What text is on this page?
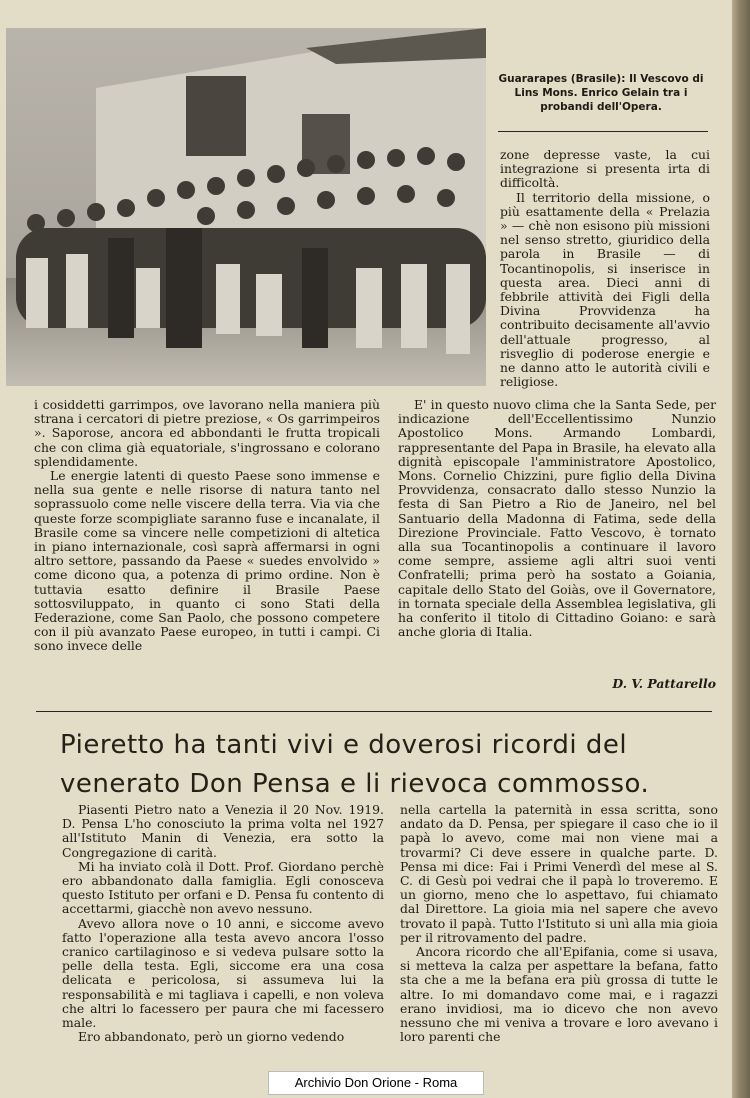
Guararapes (Brasile): Il Vescovo di Lins Mons. Enrico Gelain tra i probandi dell'Opera.

zone depresse vaste, la cui integrazione si presenta irta di difficoltà.

Il territorio della missione, o più esattamente della « Prelazia » — chè non esisono più missioni nel senso stretto, giuridico della parola in Brasile — di Tocantinopolis, si inserisce in questa area. Dieci anni di febbrile attività dei Figli della Divina Provvidenza ha contribuito decisamente all'avvio dell'attuale progresso, al risveglio di poderose energie e ne danno atto le autorità civili e religiose.

i cosiddetti garrimpos, ove lavorano nella maniera più strana i cercatori di pietre preziose, « Os garrimpeiros ». Saporose, ancora ed abbondanti le frutta tropicali che con clima già equatoriale, s'ingrossano e colorano splendidamente.

Le energie latenti di questo Paese sono immense e nella sua gente e nelle risorse di natura tanto nel soprassuolo come nelle viscere della terra. Via via che queste forze scompigliate saranno fuse e incanalate, il Brasile come sa vincere nelle competizioni di altetica in piano internazionale, così saprà affermarsi in ogni altro settore, passando da Paese « suedes envolvido » come dicono qua, a potenza di primo ordine. Non è tuttavia esatto definire il Brasile Paese sottosviluppato, in quanto ci sono Stati della Federazione, come San Paolo, che possono competere con il più avanzato Paese europeo, in tutti i campi. Ci sono invece delle

E' in questo nuovo clima che la Santa Sede, per indicazione dell'Eccellentissimo Nunzio Apostolico Mons. Armando Lombardi, rappresentante del Papa in Brasile, ha elevato alla dignità episcopale l'amministratore Apostolico, Mons. Cornelio Chizzini, pure figlio della Divina Provvidenza, consacrato dallo stesso Nunzio la festa di San Pietro a Rio de Janeiro, nel bel Santuario della Madonna di Fatima, sede della Direzione Provinciale. Fatto Vescovo, è tornato alla sua Tocantinopolis a continuare il lavoro come sempre, assieme agli altri suoi venti Confratelli; prima però ha sostato a Goiania, capitale dello Stato del Goiàs, ove il Governatore, in tornata speciale della Assemblea legislativa, gli ha conferito il titolo di Cittadino Goiano: e sarà anche gloria di Italia.

D. V. Pattarello
Pieretto ha tanti vivi e doverosi ricordi del venerato Don Pensa e li rievoca commosso.

Piasenti Pietro nato a Venezia il 20 Nov. 1919. D. Pensa L'ho conosciuto la prima volta nel 1927 all'Istituto Manin di Venezia, era sotto la Congregazione di carità.

Mi ha inviato colà il Dott. Prof. Giordano perchè ero abbandonato dalla famiglia. Egli conosceva questo Istituto per orfani e D. Pensa fu contento di accettarmi, giacchè non avevo nessuno.

Avevo allora nove o 10 anni, e siccome avevo fatto l'operazione alla testa avevo ancora l'osso cranico cartilaginoso e si vedeva pulsare sotto la pelle della testa. Egli, siccome era una cosa delicata e pericolosa, si assumeva lui la responsabilità e mi tagliava i capelli, e non voleva che altri lo facessero per paura che mi facessero male.

Ero abbandonato, però un giorno vedendo

nella cartella la paternità in essa scritta, sono andato da D. Pensa, per spiegare il caso che io il papà lo avevo, come mai non viene mai a trovarmi? Ci deve essere in qualche parte. D. Pensa mi dice: Fai i Primi Venerdì del mese al S. C. di Gesù poi vedrai che il papà lo troveremo. E un giorno, meno che lo aspettavo, fui chiamato dal Direttore. La gioia mia nel sapere che avevo trovato il papà. Tutto l'Istituto si unì alla mia gioia per il ritrovamento del padre.

Ancora ricordo che all'Epifania, come si usava, si metteva la calza per aspettare la befana, fatto sta che a me la befana era più grossa di tutte le altre. Io mi domandavo come mai, e i ragazzi erano invidiosi, ma io dicevo che non avevo nessuno che mi veniva a trovare e loro avevano i loro parenti che

Archivio Don Orione - Roma
